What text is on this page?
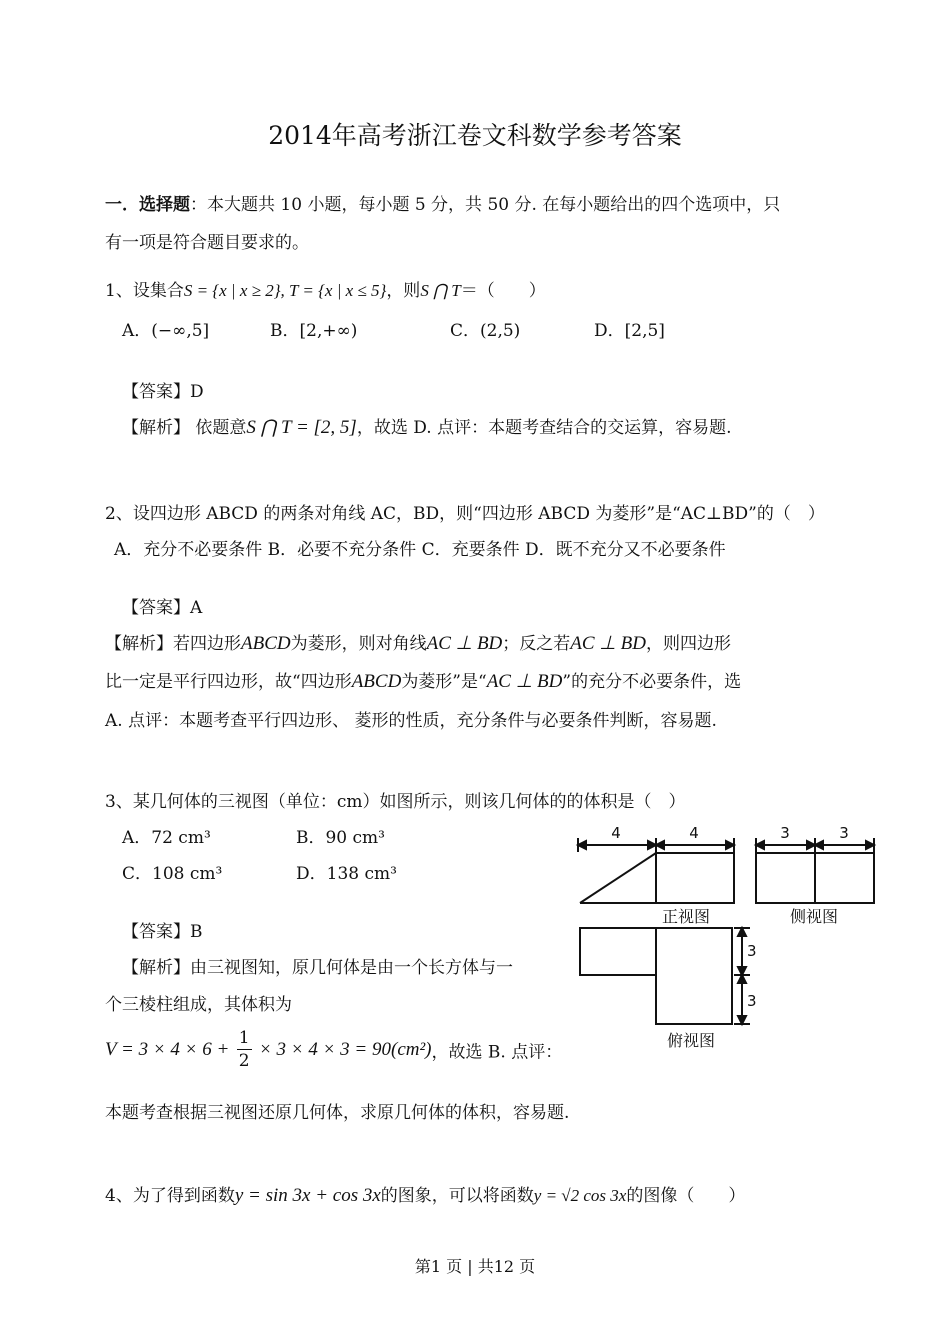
2014年高考浙江卷文科数学参考答案
一．选择题：本大题共 10 小题，每小题 5 分，共 50 分. 在每小题给出的四个选项中，只
有一项是符合题目要求的。
1、设集合S = {x | x ≥ 2}, T = {x | x ≤ 5}，则S ⋂ T＝（　　）
A．(−∞,5]	B．[2,+∞)	C．(2,5)	D．[2,5]
【答案】D
【解析】 依题意S ⋂ T = [2, 5]，故选 D. 点评：本题考查结合的交运算，容易题.
2、设四边形 ABCD 的两条对角线 AC，BD，则“四边形 ABCD 为菱形”是“AC⊥BD”的（　）
A．充分不必要条件 B．必要不充分条件 C．充要条件 D．既不充分又不必要条件
【答案】A
【解析】若四边形ABCD为菱形，则对角线AC ⊥ BD；反之若AC ⊥ BD，则四边形
比一定是平行四边形，故“四边形ABCD为菱形”是“AC ⊥ BD”的充分不必要条件，选
A. 点评：本题考查平行四边形、 菱形的性质，充分条件与必要条件判断，容易题.
3、某几何体的三视图（单位：cm）如图所示，则该几何体的的体积是（　）
A．72 cm³	B．90 cm³
C．108 cm³	D．138 cm³
【答案】B
【解析】由三视图知，原几何体是由一个长方体与一
个三棱柱组成，其体积为
$V = 3 \times 4 \times 6 + \frac{1}{2} \times 3 \times 4 \times 3 = 90(cm^2)$，故选 B. 点评：
本题考查根据三视图还原几何体，求原几何体的体积，容易题.
4	4
正视图
3	3
侧视图
3
3
俯视图
4、为了得到函数y = sin 3x + cos 3x的图象，可以将函数y = √2 cos 3x的图像（　　）
第1 页 | 共12 页
